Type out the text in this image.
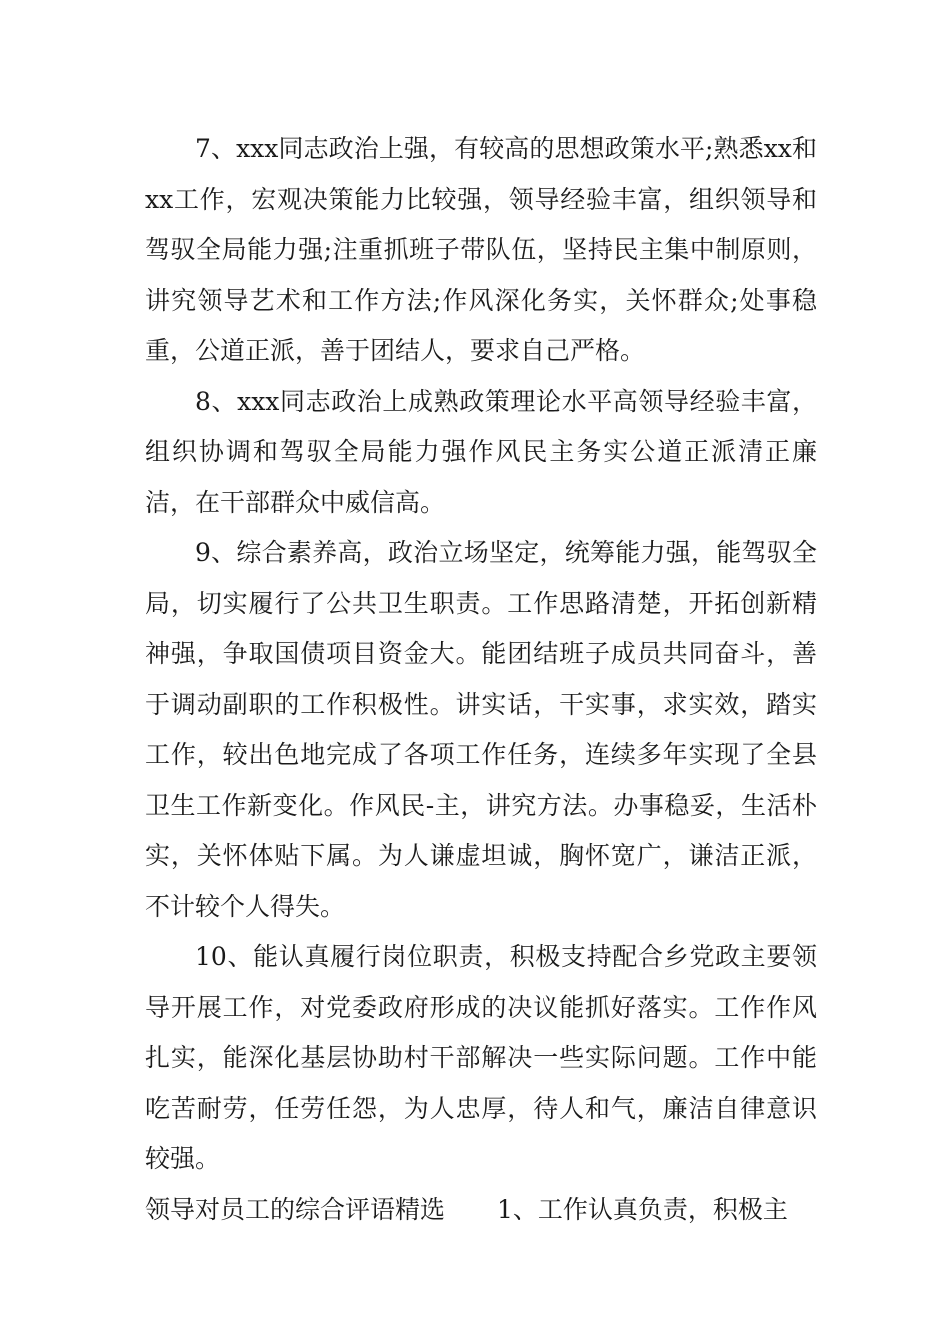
7、xxx同志政治上强，有较高的思想政策水平;熟悉xx和xx工作，宏观决策能力比较强，领导经验丰富，组织领导和驾驭全局能力强;注重抓班子带队伍，坚持民主集中制原则，讲究领导艺术和工作方法;作风深化务实，关怀群众;处事稳重，公道正派，善于团结人，要求自己严格。

8、xxx同志政治上成熟政策理论水平高领导经验丰富，组织协调和驾驭全局能力强作风民主务实公道正派清正廉洁，在干部群众中威信高。

9、综合素养高，政治立场坚定，统筹能力强，能驾驭全局，切实履行了公共卫生职责。工作思路清楚，开拓创新精神强，争取国债项目资金大。能团结班子成员共同奋斗，善于调动副职的工作积极性。讲实话，干实事，求实效，踏实工作，较出色地完成了各项工作任务，连续多年实现了全县卫生工作新变化。作风民-主，讲究方法。办事稳妥，生活朴实，关怀体贴下属。为人谦虚坦诚，胸怀宽广，谦洁正派，不计较个人得失。

10、能认真履行岗位职责，积极支持配合乡党政主要领导开展工作，对党委政府形成的决议能抓好落实。工作作风扎实，能深化基层协助村干部解决一些实际问题。工作中能吃苦耐劳，任劳任怨，为人忠厚，待人和气，廉洁自律意识较强。

领导对员工的综合评语精选 1、工作认真负责，积极主
